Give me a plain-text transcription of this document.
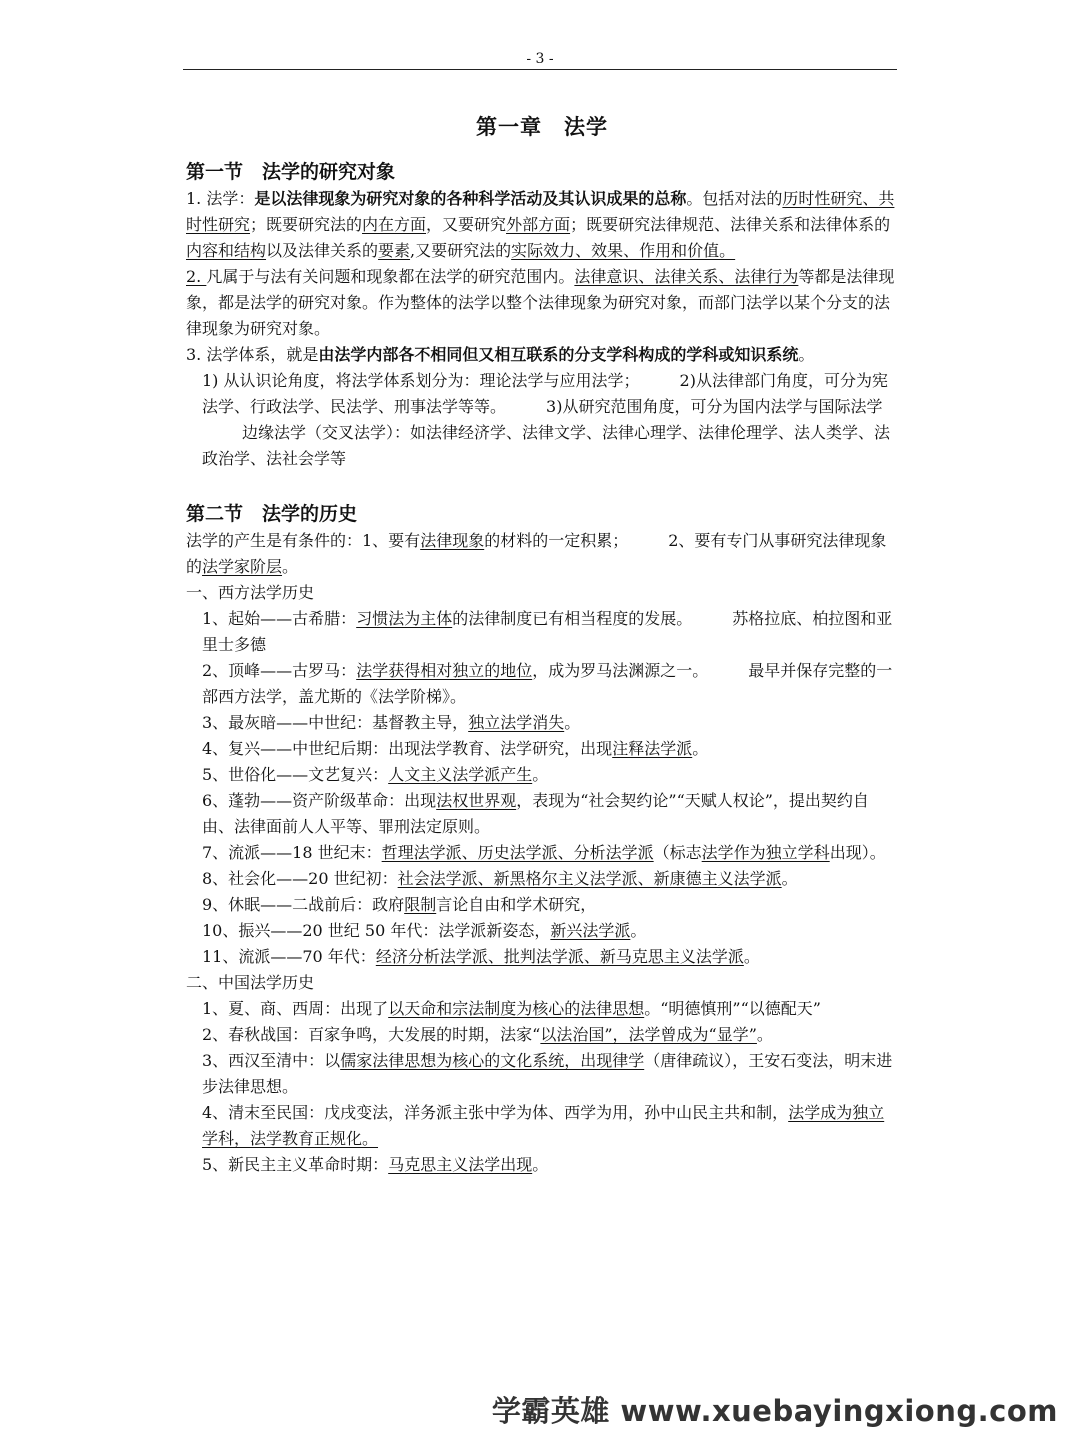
- 3 -
第一章　法学
第一节　法学的研究对象

1. 法学：是以法律现象为研究对象的各种科学活动及其认识成果的总称。包括对法的历时性研究、共时性研究；既要研究法的内在方面，又要研究外部方面；既要研究法律规范、法律关系和法律体系的内容和结构以及法律关系的要素,又要研究法的实际效力、效果、作用和价值。

2. 凡属于与法有关问题和现象都在法学的研究范围内。法律意识、法律关系、法律行为等都是法律现象，都是法学的研究对象。作为整体的法学以整个法律现象为研究对象，而部门法学以某个分支的法律现象为研究对象。

3. 法学体系，就是由法学内部各不相同但又相互联系的分支学科构成的学科或知识系统。

1) 从认识论角度，将法学体系划分为：理论法学与应用法学；	2)从法律部门角度，可分为宪法学、行政法学、民法学、刑事法学等等。	3)从研究范围角度，可分为国内法学与国际法学边缘法学（交叉法学）：如法律经济学、法律文学、法律心理学、法律伦理学、法人类学、法政治学、法社会学等

第二节　法学的历史

法学的产生是有条件的：1、要有法律现象的材料的一定积累；	2、要有专门从事研究法律现象的法学家阶层。

一、西方法学历史

1、起始——古希腊：习惯法为主体的法律制度已有相当程度的发展。	苏格拉底、柏拉图和亚里士多德

2、顶峰——古罗马：法学获得相对独立的地位，成为罗马法渊源之一。	最早并保存完整的一部西方法学，盖尤斯的《法学阶梯》。

3、最灰暗——中世纪：基督教主导，独立法学消失。

4、复兴——中世纪后期：出现法学教育、法学研究，出现注释法学派。

5、世俗化——文艺复兴：人文主义法学派产生。

6、蓬勃——资产阶级革命：出现法权世界观，表现为“社会契约论”“天赋人权论”，提出契约自由、法律面前人人平等、罪刑法定原则。

7、流派——18 世纪末：哲理法学派、历史法学派、分析法学派（标志法学作为独立学科出现）。

8、社会化——20 世纪初：社会法学派、新黑格尔主义法学派、新康德主义法学派。

9、休眠——二战前后：政府限制言论自由和学术研究，

10、振兴——20 世纪 50 年代：法学派新姿态，新兴法学派。

11、流派——70 年代：经济分析法学派、批判法学派、新马克思主义法学派。

二、中国法学历史

1、夏、商、西周：出现了以天命和宗法制度为核心的法律思想。“明德慎刑”“以德配天”

2、春秋战国：百家争鸣，大发展的时期，法家“以法治国”，法学曾成为“显学”。

3、西汉至清中：以儒家法律思想为核心的文化系统，出现律学（唐律疏议），王安石变法，明末进步法律思想。

4、清末至民国：戊戌变法，洋务派主张中学为体、西学为用，孙中山民主共和制，法学成为独立学科，法学教育正规化。

5、新民主主义革命时期：马克思主义法学出现。

学霸英雄 www.xuebayingxiong.com
